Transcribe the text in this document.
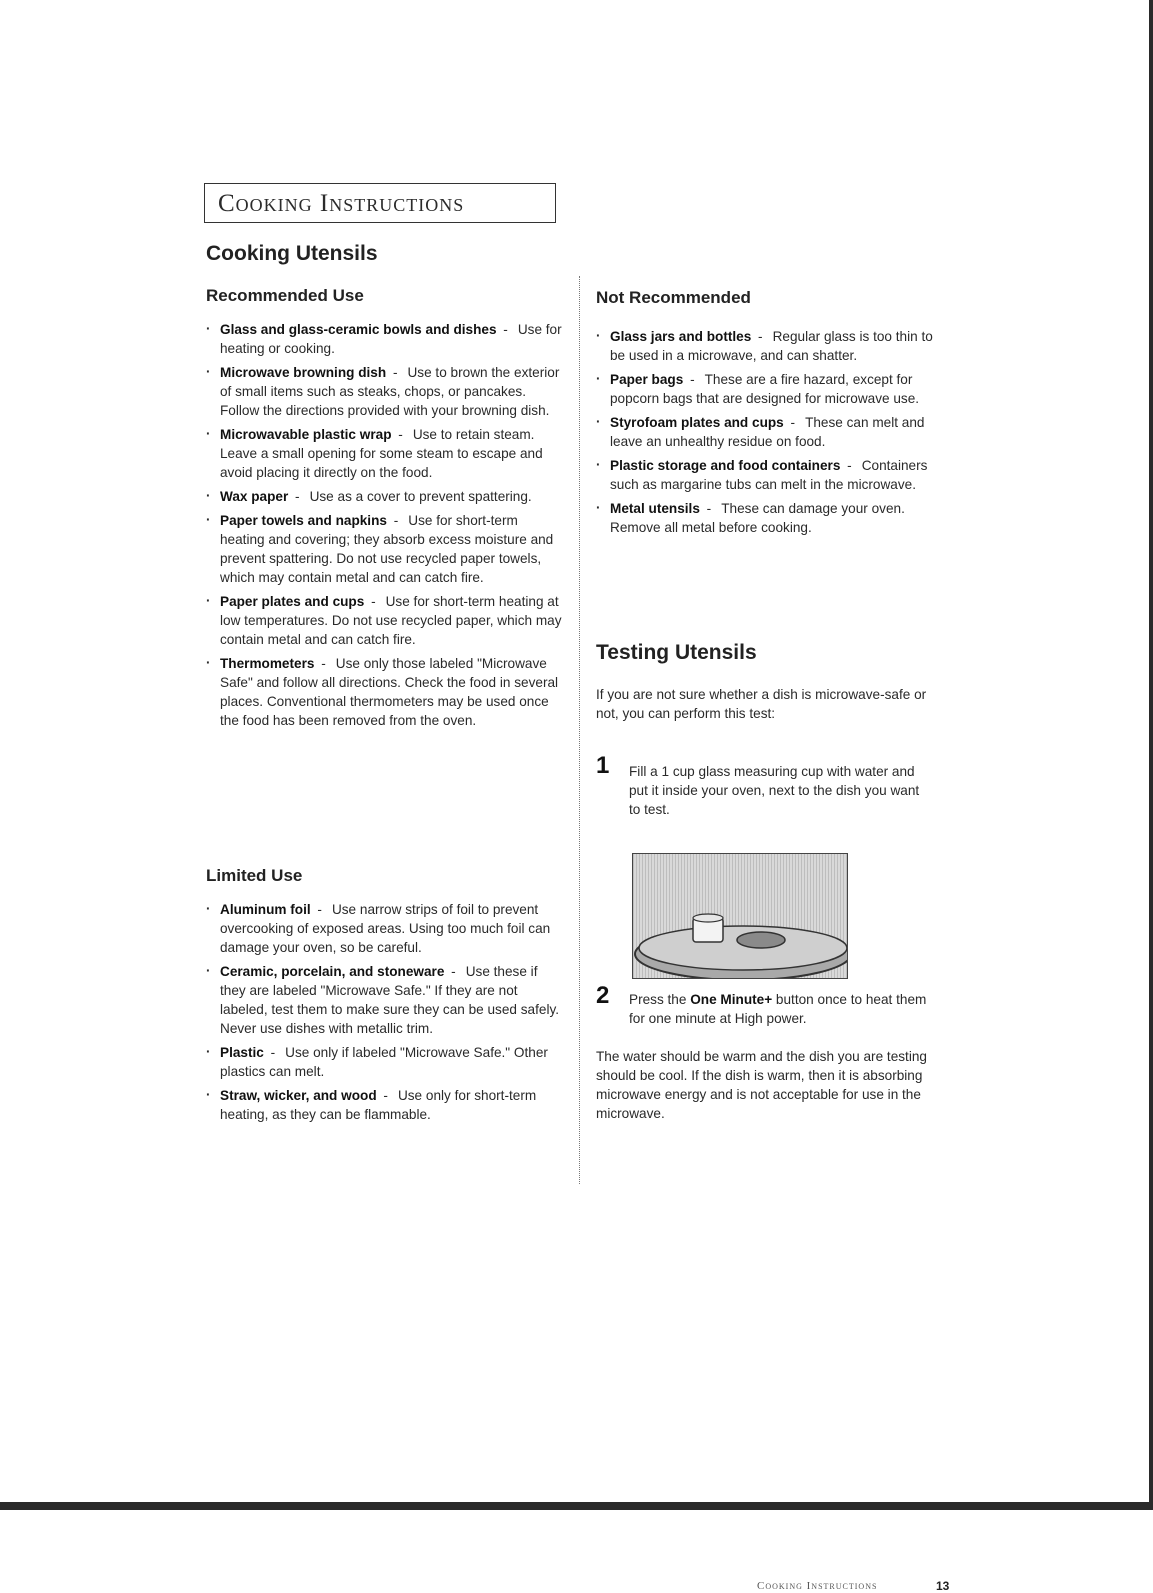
Cooking Instructions
Cooking Utensils
Recommended Use
· Glass and glass-ceramic bowls and dishes - Use for heating or cooking.
· Microwave browning dish - Use to brown the exterior of small items such as steaks, chops, or pancakes. Follow the directions provided with your browning dish.
· Microwavable plastic wrap - Use to retain steam. Leave a small opening for some steam to escape and avoid placing it directly on the food.
· Wax paper - Use as a cover to prevent spattering.
· Paper towels and napkins - Use for short-term heating and covering; they absorb excess moisture and prevent spattering. Do not use recycled paper towels, which may contain metal and can catch fire.
· Paper plates and cups - Use for short-term heating at low temperatures. Do not use recycled paper, which may contain metal and can catch fire.
· Thermometers - Use only those labeled "Microwave Safe" and follow all directions. Check the food in several places. Conventional thermometers may be used once the food has been removed from the oven.
Limited Use
· Aluminum foil - Use narrow strips of foil to prevent overcooking of exposed areas. Using too much foil can damage your oven, so be careful.
· Ceramic, porcelain, and stoneware - Use these if they are labeled "Microwave Safe." If they are not labeled, test them to make sure they can be used safely. Never use dishes with metallic trim.
· Plastic - Use only if labeled "Microwave Safe." Other plastics can melt.
· Straw, wicker, and wood - Use only for short-term heating, as they can be flammable.
Not Recommended
· Glass jars and bottles - Regular glass is too thin to be used in a microwave, and can shatter.
· Paper bags - These are a fire hazard, except for popcorn bags that are designed for microwave use.
· Styrofoam plates and cups - These can melt and leave an unhealthy residue on food.
· Plastic storage and food containers - Containers such as margarine tubs can melt in the microwave.
· Metal utensils - These can damage your oven. Remove all metal before cooking.
Testing Utensils

If you are not sure whether a dish is microwave-safe or not, you can perform this test:

1 Fill a 1 cup glass measuring cup with water and put it inside your oven, next to the dish you want to test.

2 Press the One Minute+ button once to heat them for one minute at High power.

The water should be warm and the dish you are testing should be cool. If the dish is warm, then it is absorbing microwave energy and is not acceptable for use in the microwave.

Cooking Instructions	13
